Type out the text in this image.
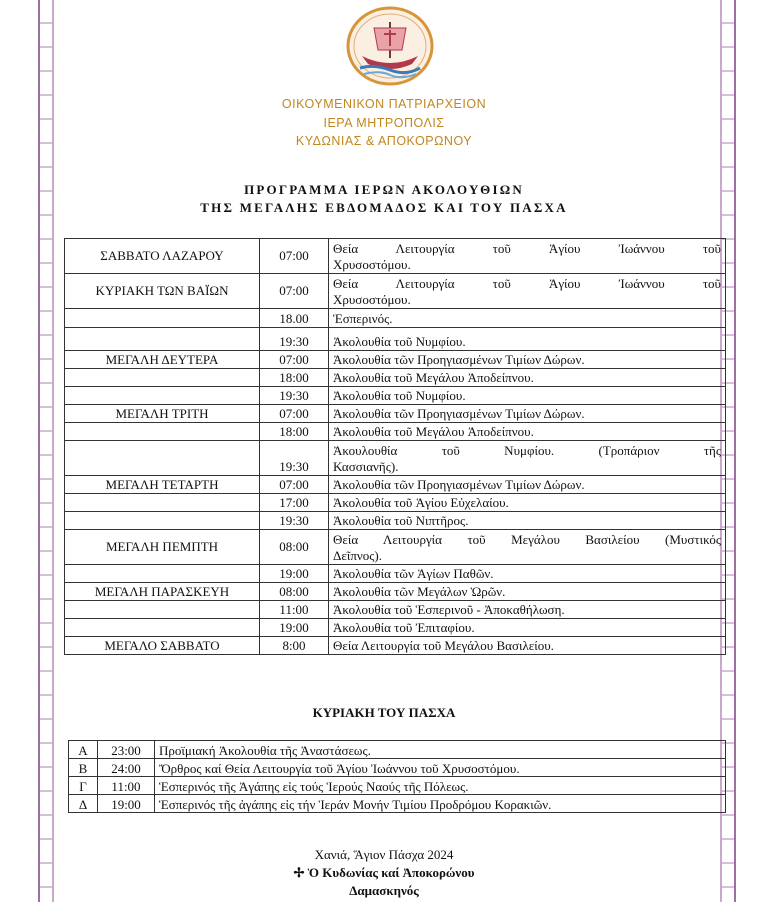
ΟΙΚΟΥΜΕΝΙΚΟΝ ΠΑΤΡΙΑΡΧΕΙΟΝ
ΙΕΡΑ ΜΗΤΡΟΠΟΛΙΣ
ΚΥΔΩΝΙΑΣ & ΑΠΟΚΟΡΩΝΟΥ
ΠΡΟΓΡΑΜΜΑ ΙΕΡΩΝ ΑΚΟΛΟΥΘΙΩΝ
ΤΗΣ ΜΕΓΑΛΗΣ ΕΒΔΟΜΑΔΟΣ ΚΑΙ ΤΟΥ ΠΑΣΧΑ
ΣΑΒΒΑΤΟ ΛΑΖΑΡΟΥ	07:00	Θεία Λειτουργία τοῦ Ἁγίου Ἰωάννου τοῦ
Χρυσοστόμου.

ΚΥΡΙΑΚΗ ΤΩΝ ΒΑΪΩΝ	07:00	Θεία Λειτουργία τοῦ Ἁγίου Ἰωάννου τοῦ
Χρυσοστόμου.

	18.00	Ἑσπερινός.

	19:30	Ἀκολουθία τοῦ Νυμφίου.

ΜΕΓΑΛΗ ΔΕΥΤΕΡΑ	07:00	Ἀκολουθία τῶν Προηγιασμένων Τιμίων Δώρων.

	18:00	Ἀκολουθία τοῦ Μεγάλου Ἀποδείπνου.

	19:30	Ἀκολουθία τοῦ Νυμφίου.

ΜΕΓΑΛΗ ΤΡΙΤΗ	07:00	Ἀκολουθία τῶν Προηγιασμένων Τιμίων Δώρων.

	18:00	Ἀκολουθία τοῦ Μεγάλου Ἀποδείπνου.

	19:30	Ἀκουλουθία τοῦ Νυμφίου. (Τροπάριον τῆς
Κασσιανῆς).

ΜΕΓΑΛΗ ΤΕΤΑΡΤΗ	07:00	Ἀκολουθία τῶν Προηγιασμένων Τιμίων Δώρων.

	17:00	Ἀκολουθία τοῦ Ἁγίου Εὐχελαίου.

	19:30	Ἀκολουθία τοῦ Νιπτῆρος.

ΜΕΓΑΛΗ ΠΕΜΠΤΗ	08:00	Θεία Λειτουργία τοῦ Μεγάλου Βασιλείου (Μυστικός
Δεῖπνος).

	19:00	Ἀκολουθία τῶν Ἁγίων Παθῶν.

ΜΕΓΑΛΗ ΠΑΡΑΣΚΕΥΗ	08:00	Ἀκολουθία τῶν Μεγάλων Ὡρῶν.

	11:00	Ἀκολουθία τοῦ Ἑσπερινοῦ - Ἀποκαθήλωση.

	19:00	Ἀκολουθία τοῦ Ἐπιταφίου.

ΜΕΓΑΛΟ ΣΑΒΒΑΤΟ	8:00	Θεία Λειτουργία τοῦ Μεγάλου Βασιλείου.
ΚΥΡΙΑΚΗ ΤΟΥ ΠΑΣΧΑ
Α	23:00	Προϊμιακή Ἀκολουθία τῆς Ἀναστάσεως.
Β	24:00	Ὄρθρος καί Θεία Λειτουργία τοῦ Ἁγίου Ἰωάννου τοῦ Χρυσοστόμου.
Γ	11:00	Ἑσπερινός τῆς Ἀγάπης εἰς τούς Ἱερούς Ναούς τῆς Πόλεως.
Δ	19:00	Ἑσπερινός τῆς ἀγάπης εἰς τήν Ἱεράν Μονήν Τιμίου Προδρόμου Κορακιῶν.
Χανιά, Ἅγιον Πάσχα 2024
✢ Ὁ Κυδωνίας καί Ἀποκορώνου
Δαμασκηνός
